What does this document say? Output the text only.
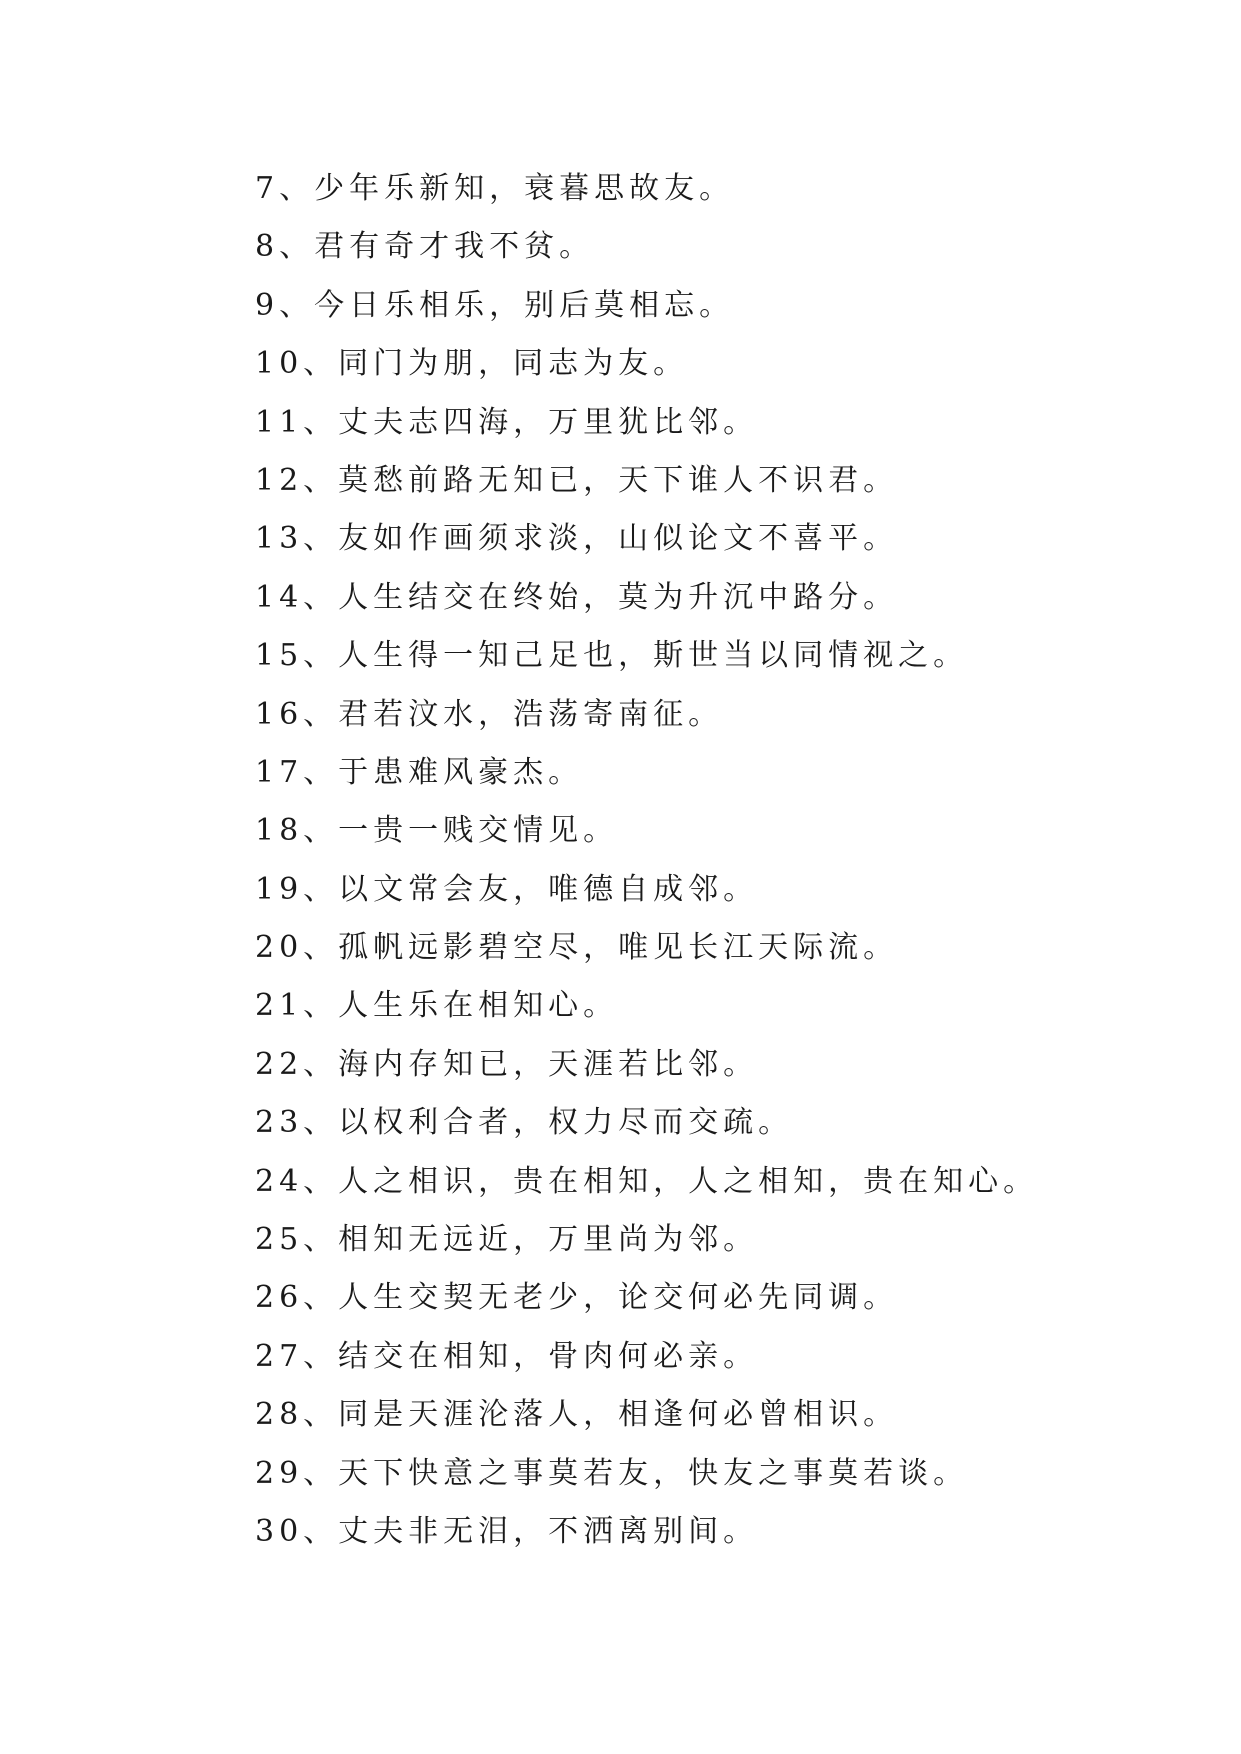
7、少年乐新知，衰暮思故友。
8、君有奇才我不贫。
9、今日乐相乐，别后莫相忘。
10、同门为朋，同志为友。
11、丈夫志四海，万里犹比邻。
12、莫愁前路无知已，天下谁人不识君。
13、友如作画须求淡，山似论文不喜平。
14、人生结交在终始，莫为升沉中路分。
15、人生得一知己足也，斯世当以同情视之。
16、君若汶水，浩荡寄南征。
17、于患难风豪杰。
18、一贵一贱交情见。
19、以文常会友，唯德自成邻。
20、孤帆远影碧空尽，唯见长江天际流。
21、人生乐在相知心。
22、海内存知已，天涯若比邻。
23、以权利合者，权力尽而交疏。
24、人之相识，贵在相知，人之相知，贵在知心。
25、相知无远近，万里尚为邻。
26、人生交契无老少，论交何必先同调。
27、结交在相知，骨肉何必亲。
28、同是天涯沦落人，相逢何必曾相识。
29、天下快意之事莫若友，快友之事莫若谈。
30、丈夫非无泪，不洒离别间。
